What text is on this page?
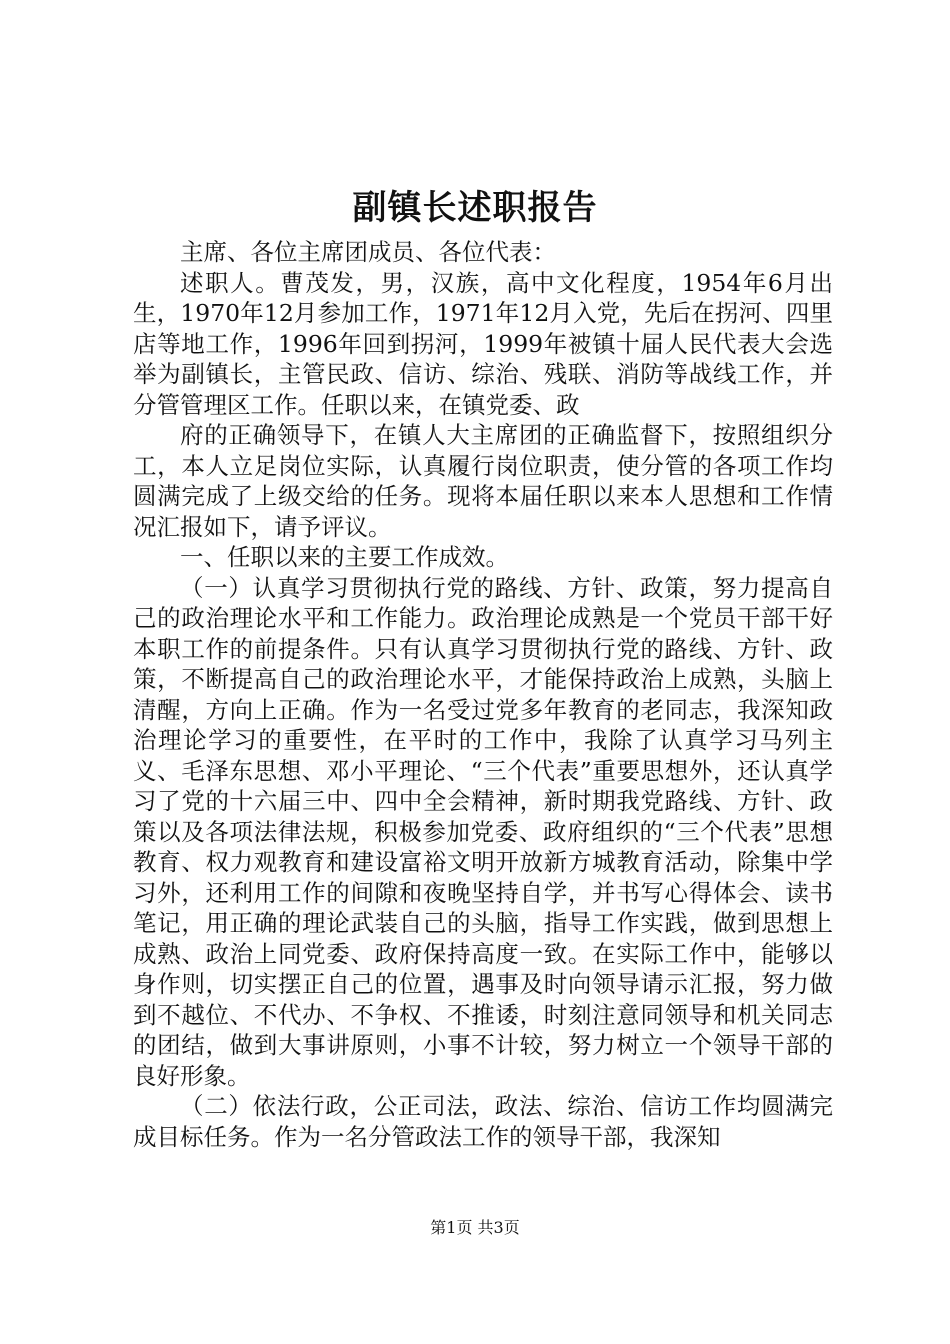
副镇长述职报告

主席、各位主席团成员、各位代表：

述职人。曹茂发，男，汉族，高中文化程度，1954年6月出生，1970年12月参加工作，1971年12月入党，先后在拐河、四里店等地工作，1996年回到拐河，1999年被镇十届人民代表大会选举为副镇长，主管民政、信访、综治、残联、消防等战线工作，并分管管理区工作。任职以来，在镇党委、政

府的正确领导下，在镇人大主席团的正确监督下，按照组织分工，本人立足岗位实际，认真履行岗位职责，使分管的各项工作均圆满完成了上级交给的任务。现将本届任职以来本人思想和工作情况汇报如下，请予评议。

一、任职以来的主要工作成效。

（一）认真学习贯彻执行党的路线、方针、政策，努力提高自己的政治理论水平和工作能力。政治理论成熟是一个党员干部干好本职工作的前提条件。只有认真学习贯彻执行党的路线、方针、政策，不断提高自己的政治理论水平，才能保持政治上成熟，头脑上清醒，方向上正确。作为一名受过党多年教育的老同志，我深知政治理论学习的重要性，在平时的工作中，我除了认真学习马列主义、毛泽东思想、邓小平理论、“三个代表”重要思想外，还认真学习了党的十六届三中、四中全会精神，新时期我党路线、方针、政策以及各项法律法规，积极参加党委、政府组织的“三个代表”思想教育、权力观教育和建设富裕文明开放新方城教育活动，除集中学习外，还利用工作的间隙和夜晚坚持自学，并书写心得体会、读书笔记，用正确的理论武装自己的头脑，指导工作实践，做到思想上成熟、政治上同党委、政府保持高度一致。在实际工作中，能够以身作则，切实摆正自己的位置，遇事及时向领导请示汇报，努力做到不越位、不代办、不争权、不推诿，时刻注意同领导和机关同志的团结，做到大事讲原则，小事不计较，努力树立一个领导干部的良好形象。

（二）依法行政，公正司法，政法、综治、信访工作均圆满完成目标任务。作为一名分管政法工作的领导干部，我深知

第1页 共3页
